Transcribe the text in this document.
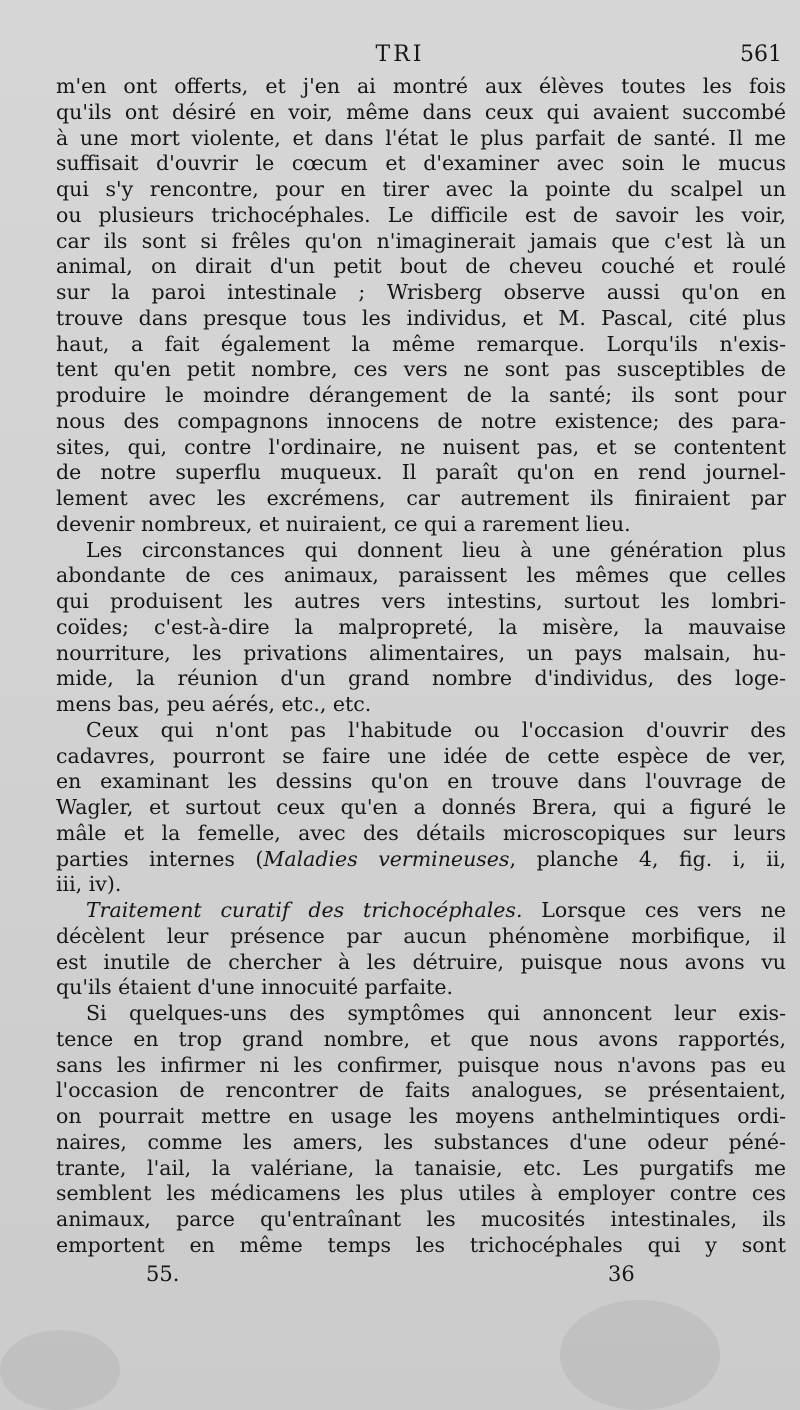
TRI	561
m'en ont offerts, et j'en ai montré aux élèves toutes les fois
qu'ils ont désiré en voir, même dans ceux qui avaient succombé
à une mort violente, et dans l'état le plus parfait de santé. Il me
suffisait d'ouvrir le cœcum et d'examiner avec soin le mucus
qui s'y rencontre, pour en tirer avec la pointe du scalpel un
ou plusieurs trichocéphales. Le difficile est de savoir les voir,
car ils sont si frêles qu'on n'imaginerait jamais que c'est là un
animal, on dirait d'un petit bout de cheveu couché et roulé
sur la paroi intestinale ; Wrisberg observe aussi qu'on en
trouve dans presque tous les individus, et M. Pascal, cité plus
haut, a fait également la même remarque. Lorqu'ils n'exis-
tent qu'en petit nombre, ces vers ne sont pas susceptibles de
produire le moindre dérangement de la santé; ils sont pour
nous des compagnons innocens de notre existence; des para-
sites, qui, contre l'ordinaire, ne nuisent pas, et se contentent
de notre superflu muqueux. Il paraît qu'on en rend journel-
lement avec les excrémens, car autrement ils finiraient par
devenir nombreux, et nuiraient, ce qui a rarement lieu.
Les circonstances qui donnent lieu à une génération plus
abondante de ces animaux, paraissent les mêmes que celles
qui produisent les autres vers intestins, surtout les lombri-
coïdes; c'est-à-dire la malpropreté, la misère, la mauvaise
nourriture, les privations alimentaires, un pays malsain, hu-
mide, la réunion d'un grand nombre d'individus, des loge-
mens bas, peu aérés, etc., etc.
Ceux qui n'ont pas l'habitude ou l'occasion d'ouvrir des
cadavres, pourront se faire une idée de cette espèce de ver,
en examinant les dessins qu'on en trouve dans l'ouvrage de
Wagler, et surtout ceux qu'en a donnés Brera, qui a figuré le
mâle et la femelle, avec des détails microscopiques sur leurs
parties internes (Maladies vermineuses, planche 4, fig. i, ii,
iii, iv).
Traitement curatif des trichocéphales. Lorsque ces vers ne
décèlent leur présence par aucun phénomène morbifique, il
est inutile de chercher à les détruire, puisque nous avons vu
qu'ils étaient d'une innocuité parfaite.
Si quelques-uns des symptômes qui annoncent leur exis-
tence en trop grand nombre, et que nous avons rapportés,
sans les infirmer ni les confirmer, puisque nous n'avons pas eu
l'occasion de rencontrer de faits analogues, se présentaient,
on pourrait mettre en usage les moyens anthelmintiques ordi-
naires, comme les amers, les substances d'une odeur péné-
trante, l'ail, la valériane, la tanaisie, etc. Les purgatifs me
semblent les médicamens les plus utiles à employer contre ces
animaux, parce qu'entraînant les mucosités intestinales, ils
emportent en même temps les trichocéphales qui y sont
55.	36
